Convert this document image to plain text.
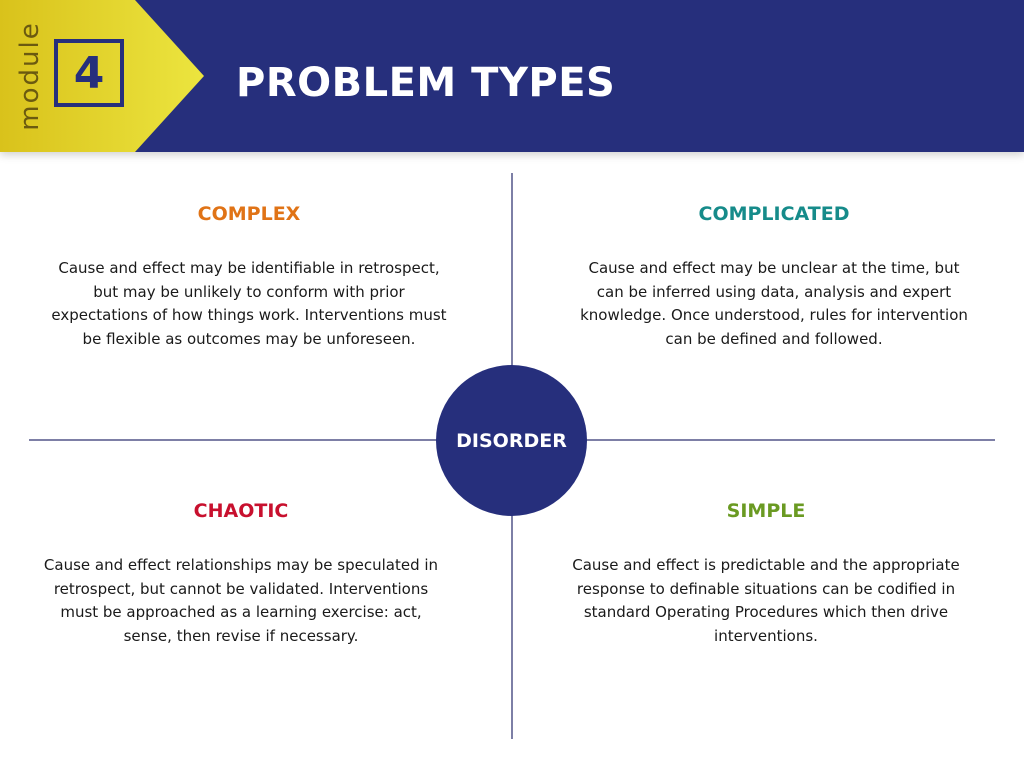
module 4	PROBLEM TYPES
COMPLEX

Cause and effect may be identifiable in retrospect, but may be unlikely to conform with prior expectations of how things work. Interventions must be flexible as outcomes may be unforeseen.

COMPLICATED

Cause and effect may be unclear at the time, but can be inferred using data, analysis and expert knowledge. Once understood, rules for intervention can be defined and followed.

CHAOTIC

Cause and effect relationships may be speculated in retrospect, but cannot be validated. Interventions must be approached as a learning exercise: act, sense, then revise if necessary.

SIMPLE

Cause and effect is predictable and the appropriate response to definable situations can be codified in standard Operating Procedures which then drive interventions.

DISORDER
